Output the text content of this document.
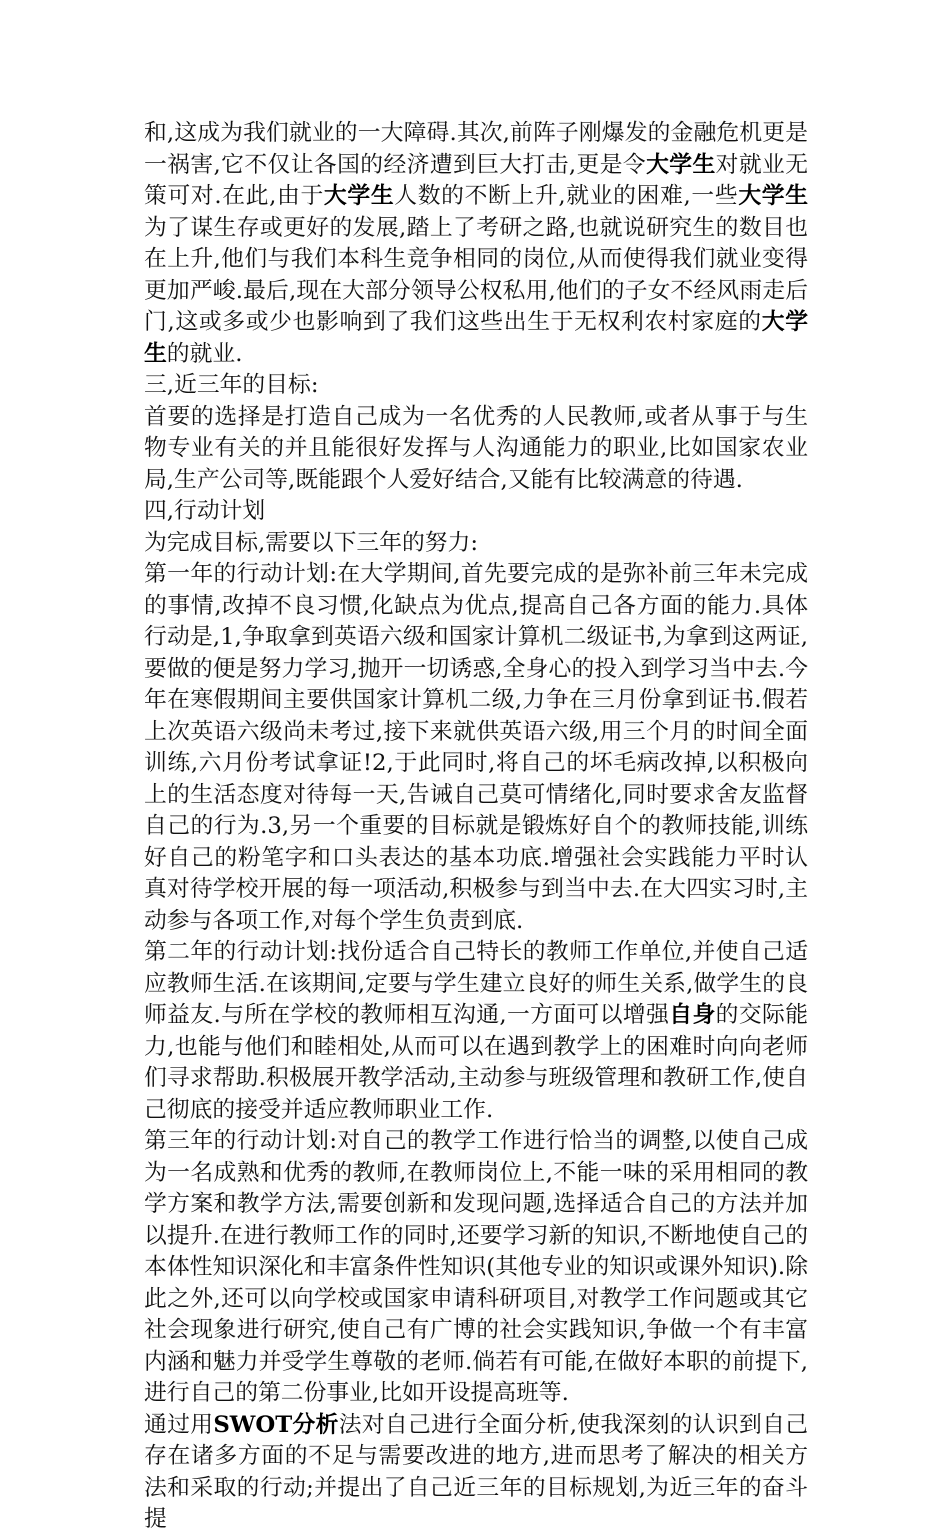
和,这成为我们就业的一大障碍.其次,前阵子刚爆发的金融危机更是一祸害,它不仅让各国的经济遭到巨大打击,更是令大学生对就业无策可对.在此,由于大学生人数的不断上升,就业的困难,一些大学生为了谋生存或更好的发展,踏上了考研之路,也就说研究生的数目也在上升,他们与我们本科生竞争相同的岗位,从而使得我们就业变得更加严峻.最后,现在大部分领导公权私用,他们的子女不经风雨走后门,这或多或少也影响到了我们这些出生于无权利农村家庭的大学生的就业.

三,近三年的目标:

首要的选择是打造自己成为一名优秀的人民教师,或者从事于与生物专业有关的并且能很好发挥与人沟通能力的职业,比如国家农业局,生产公司等,既能跟个人爱好结合,又能有比较满意的待遇.

四,行动计划

为完成目标,需要以下三年的努力:

第一年的行动计划:在大学期间,首先要完成的是弥补前三年未完成的事情,改掉不良习惯,化缺点为优点,提高自己各方面的能力.具体行动是,1,争取拿到英语六级和国家计算机二级证书,为拿到这两证,要做的便是努力学习,抛开一切诱惑,全身心的投入到学习当中去.今年在寒假期间主要供国家计算机二级,力争在三月份拿到证书.假若上次英语六级尚未考过,接下来就供英语六级,用三个月的时间全面训练,六月份考试拿证!2,于此同时,将自己的坏毛病改掉,以积极向上的生活态度对待每一天,告诫自己莫可情绪化,同时要求舍友监督自己的行为.3,另一个重要的目标就是锻炼好自个的教师技能,训练好自己的粉笔字和口头表达的基本功底.增强社会实践能力平时认真对待学校开展的每一项活动,积极参与到当中去.在大四实习时,主动参与各项工作,对每个学生负责到底.

第二年的行动计划:找份适合自己特长的教师工作单位,并使自己适应教师生活.在该期间,定要与学生建立良好的师生关系,做学生的良师益友.与所在学校的教师相互沟通,一方面可以增强自身的交际能力,也能与他们和睦相处,从而可以在遇到教学上的困难时向向老师们寻求帮助.积极展开教学活动,主动参与班级管理和教研工作,使自己彻底的接受并适应教师职业工作.

第三年的行动计划:对自己的教学工作进行恰当的调整,以使自己成为一名成熟和优秀的教师,在教师岗位上,不能一味的采用相同的教学方案和教学方法,需要创新和发现问题,选择适合自己的方法并加以提升.在进行教师工作的同时,还要学习新的知识,不断地使自己的本体性知识深化和丰富条件性知识(其他专业的知识或课外知识).除此之外,还可以向学校或国家申请科研项目,对教学工作问题或其它社会现象进行研究,使自己有广博的社会实践知识,争做一个有丰富内涵和魅力并受学生尊敬的老师.倘若有可能,在做好本职的前提下,进行自己的第二份事业,比如开设提高班等.

通过用SWOT分析法对自己进行全面分析,使我深刻的认识到自己存在诸多方面的不足与需要改进的地方,进而思考了解决的相关方法和采取的行动;并提出了自己近三年的目标规划,为近三年的奋斗提
